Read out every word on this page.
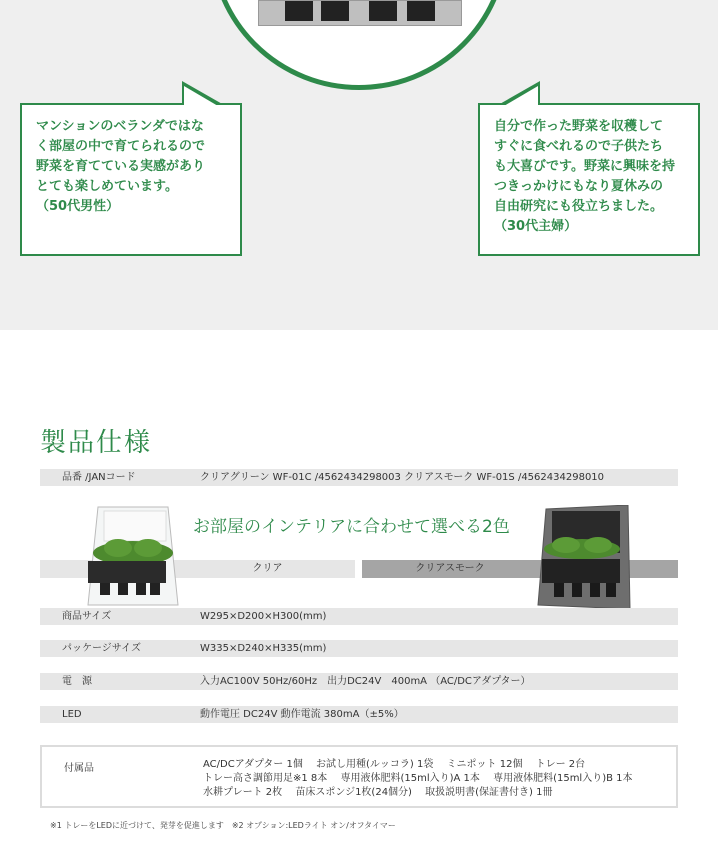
マンションのベランダではな

く部屋の中で育てられるので

野菜を育てている実感があり

とても楽しめています。

（50代男性）

自分で作った野菜を収穫して

すぐに食べれるので子供たち

も大喜びです。野菜に興味を持

つきっかけにもなり夏休みの

自由研究にも役立ちました。

（30代主婦）

製品仕様
品番 /JANコード	クリアグリーン WF-01C /4562434298003 クリアスモーク WF-01S /4562434298010
お部屋のインテリアに合わせて選べる2色
クリア	クリアスモーク
商品サイズ	W295×D200×H300(mm)
パッケージサイズ	W335×D240×H335(mm)
電　源	入力AC100V 50Hz/60Hz　出力DC24V　400mA （AC/DCアダプター）
LED	動作電圧 DC24V 動作電流 380mA（±5%）
付属品	AC/DCアダプター 1個　 お試し用種(ルッコラ) 1袋　 ミニポット 12個　 トレー 2台

トレー高さ調節用足※1 8本　 専用液体肥料(15ml入り)A 1本　 専用液体肥料(15ml入り)B 1本

水耕プレート 2枚　 苗床スポンジ1枚(24個分)　 取扱説明書(保証書付き) 1冊

※1 トレーをLEDに近づけて、発芽を促進します　※2 オプション:LEDライト オン/オフタイマー
